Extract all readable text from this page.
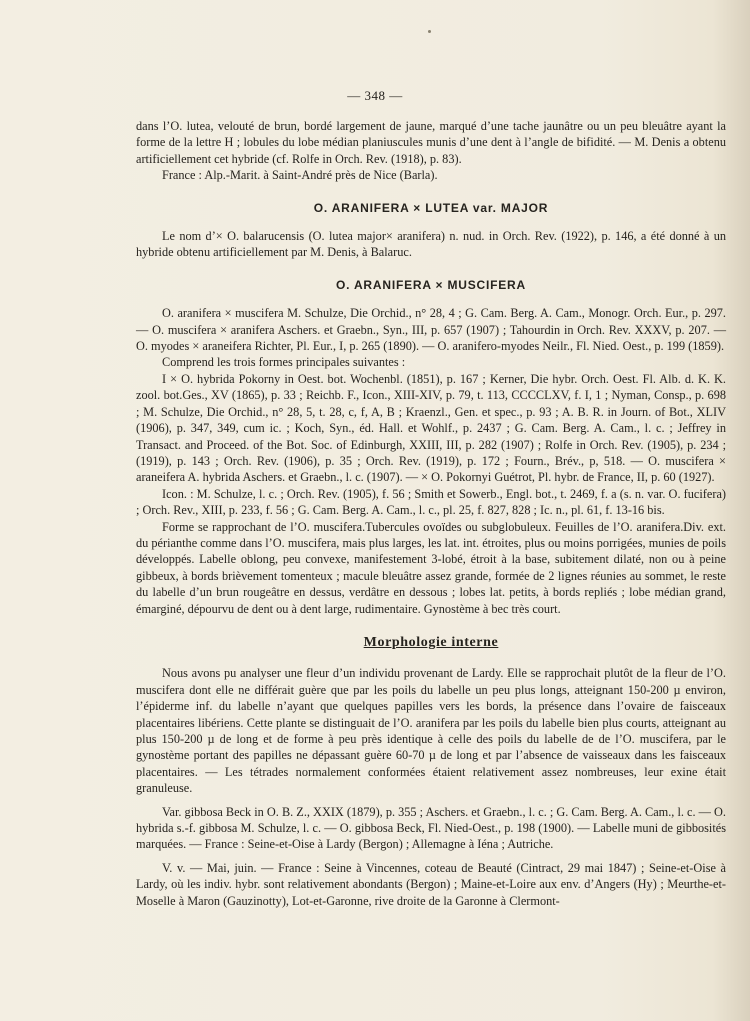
— 348 —

dans l’O. lutea, velouté de brun, bordé largement de jaune, marqué d’une tache jaunâtre ou un peu bleuâtre ayant la forme de la lettre H ; lobules du lobe médian planiuscules munis d’une dent à l’angle de bifidité. — M. Denis a obtenu artificiellement cet hybride (cf. Rolfe in Orch. Rev. (1918), p. 83).

France : Alp.-Marit. à Saint-André près de Nice (Barla).

O. ARANIFERA × LUTEA var. MAJOR

Le nom d’× O. balarucensis (O. lutea major× aranifera) n. nud. in Orch. Rev. (1922), p. 146, a été donné à un hybride obtenu artificiellement par M. Denis, à Balaruc.

O. ARANIFERA × MUSCIFERA

O. aranifera × muscifera M. Schulze, Die Orchid., n° 28, 4 ; G. Cam. Berg. A. Cam., Monogr. Orch. Eur., p. 297. — O. muscifera × aranifera Aschers. et Graebn., Syn., III, p. 657 (1907) ; Tahourdin in Orch. Rev. XXXV, p. 207. — O. myodes × araneifera Richter, Pl. Eur., I, p. 265 (1890). — O. aranifero-myodes Neilr., Fl. Nied. Oest., p. 199 (1859).

Comprend les trois formes principales suivantes :

I × O. hybrida Pokorny in Oest. bot. Wochenbl. (1851), p. 167 ; Kerner, Die hybr. Orch. Oest. Fl. Alb. d. K. K. zool. bot.Ges., XV (1865), p. 33 ; Reichb. F., Icon., XIII-XIV, p. 79, t. 113, CCCCLXV, f. I, 1 ; Nyman, Consp., p. 698 ; M. Schulze, Die Orchid., n° 28, 5, t. 28, c, f, A, B ; Kraenzl., Gen. et spec., p. 93 ; A. B. R. in Journ. of Bot., XLIV (1906), p. 347, 349, cum ic. ; Koch, Syn., éd. Hall. et Wohlf., p. 2437 ; G. Cam. Berg. A. Cam., l. c. ; Jeffrey in Transact. and Proceed. of the Bot. Soc. of Edinburgh, XXIII, III, p. 282 (1907) ; Rolfe in Orch. Rev. (1905), p. 234 ; (1919), p. 143 ; Orch. Rev. (1906), p. 35 ; Orch. Rev. (1919), p. 172 ; Fourn., Brév., p, 518. — O. muscifera × araneifera A. hybrida Aschers. et Graebn., l. c. (1907). — × O. Pokornyi Guétrot, Pl. hybr. de France, II, p. 60 (1927).

Icon. : M. Schulze, l. c. ; Orch. Rev. (1905), f. 56 ; Smith et Sowerb., Engl. bot., t. 2469, f. a (s. n. var. O. fucifera) ; Orch. Rev., XIII, p. 233, f. 56 ; G. Cam. Berg. A. Cam., l. c., pl. 25, f. 827, 828 ; Ic. n., pl. 61, f. 13-16 bis.

Forme se rapprochant de l’O. muscifera.Tubercules ovoïdes ou subglobuleux. Feuilles de l’O. aranifera.Div. ext. du périanthe comme dans l’O. muscifera, mais plus larges, les lat. int. étroites, plus ou moins porrigées, munies de poils développés. Labelle oblong, peu convexe, manifestement 3-lobé, étroit à la base, subitement dilaté, non ou à peine gibbeux, à bords brièvement tomenteux ; macule bleuâtre assez grande, formée de 2 lignes réunies au sommet, le reste du labelle d’un brun rougeâtre en dessus, verdâtre en dessous ; lobes lat. petits, à bords repliés ; lobe médian grand, émarginé, dépourvu de dent ou à dent large, rudimentaire. Gynostème à bec très court.

Morphologie interne

Nous avons pu analyser une fleur d’un individu provenant de Lardy. Elle se rapprochait plutôt de la fleur de l’O. muscifera dont elle ne différait guère que par les poils du labelle un peu plus longs, atteignant 150-200 µ environ, l’épiderme inf. du labelle n’ayant que quelques papilles vers les bords, la présence dans l’ovaire de faisceaux placentaires libériens. Cette plante se distinguait de l’O. aranifera par les poils du labelle bien plus courts, atteignant au plus 150-200 µ de long et de forme à peu près identique à celle des poils du labelle de de l’O. muscifera, par le gynostème portant des papilles ne dépassant guère 60-70 µ de long et par l’absence de vaisseaux dans les faisceaux placentaires. — Les tétrades normalement conformées étaient relativement assez nombreuses, leur exine était granuleuse.

Var. gibbosa Beck in O. B. Z., XXIX (1879), p. 355 ; Aschers. et Graebn., l. c. ; G. Cam. Berg. A. Cam., l. c. — O. hybrida s.-f. gibbosa M. Schulze, l. c. — O. gibbosa Beck, Fl. Nied-Oest., p. 198 (1900). — Labelle muni de gibbosités marquées. — France : Seine-et-Oise à Lardy (Bergon) ; Allemagne à Iéna ; Autriche.

V. v. — Mai, juin. — France : Seine à Vincennes, coteau de Beauté (Cintract, 29 mai 1847) ; Seine-et-Oise à Lardy, où les indiv. hybr. sont relativement abondants (Bergon) ; Maine-et-Loire aux env. d’Angers (Hy) ; Meurthe-et-Moselle à Maron (Gauzinotty), Lot-et-Garonne, rive droite de la Garonne à Clermont-
